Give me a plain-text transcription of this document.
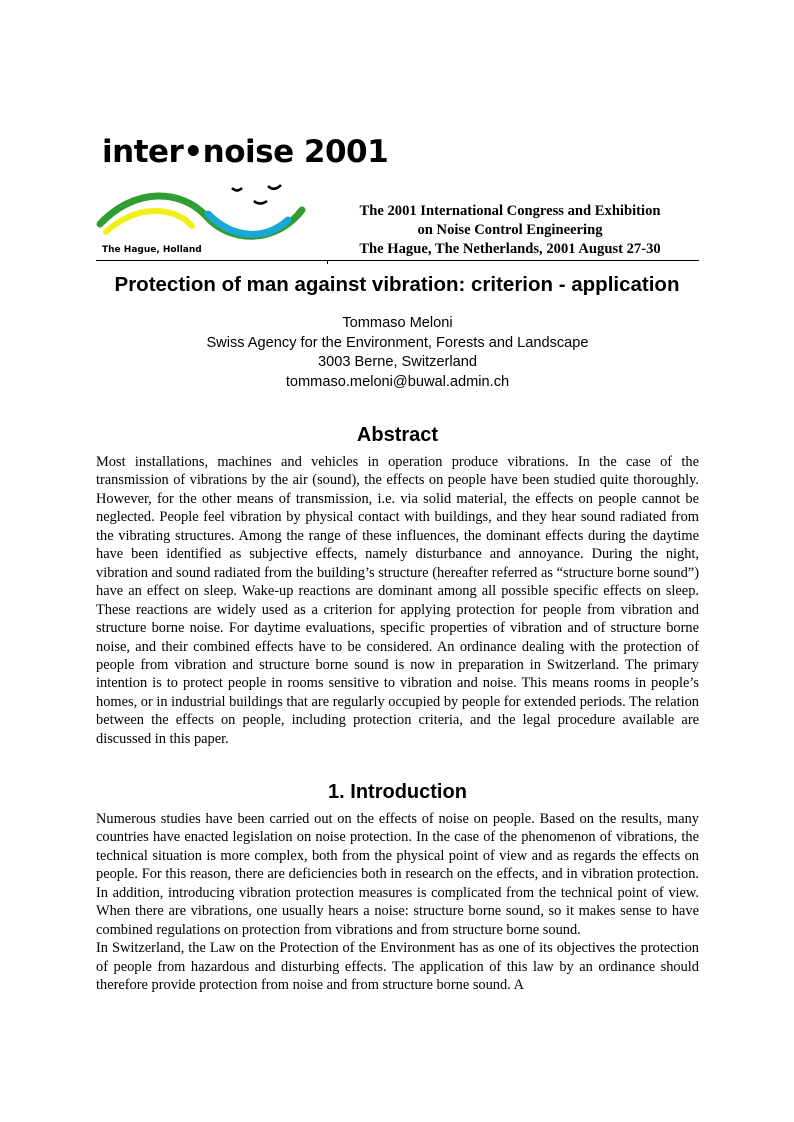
inter•noise 2001
The Hague, Holland
The 2001 International Congress and Exhibition
on Noise Control Engineering
The Hague, The Netherlands, 2001 August 27-30
Protection of man against vibration: criterion - application
Tommaso Meloni
Swiss Agency for the Environment, Forests and Landscape
3003 Berne, Switzerland
tommaso.meloni@buwal.admin.ch
Abstract

Most installations, machines and vehicles in operation produce vibrations. In the case of the transmission of vibrations by the air (sound), the effects on people have been studied quite thoroughly. However, for the other means of transmission, i.e. via solid material, the effects on people cannot be neglected. People feel vibration by physical contact with buildings, and they hear sound radiated from the vibrating structures. Among the range of these influences, the dominant effects during the daytime have been identified as subjective effects, namely disturbance and annoyance. During the night, vibration and sound radiated from the building’s structure (hereafter referred as “structure borne sound”) have an effect on sleep. Wake-up reactions are dominant among all possible specific effects on sleep. These reactions are widely used as a criterion for applying protection for people from vibration and structure borne noise. For daytime evaluations, specific properties of vibration and of structure borne noise, and their combined effects have to be considered. An ordinance dealing with the protection of people from vibration and structure borne sound is now in preparation in Switzerland. The primary intention is to protect people in rooms sensitive to vibration and noise. This means rooms in people’s homes, or in industrial buildings that are regularly occupied by people for extended periods. The relation between the effects on people, including protection criteria, and the legal procedure available are discussed in this paper.

1. Introduction

Numerous studies have been carried out on the effects of noise on people. Based on the results, many countries have enacted legislation on noise protection. In the case of the phenomenon of vibrations, the technical situation is more complex, both from the physical point of view and as regards the effects on people. For this reason, there are deficiencies both in research on the effects, and in vibration protection. In addition, introducing vibration protection measures is complicated from the technical point of view. When there are vibrations, one usually hears a noise: structure borne sound, so it makes sense to have combined regulations on protection from vibrations and from structure borne sound.

In Switzerland, the Law on the Protection of the Environment has as one of its objectives the protection of people from hazardous and disturbing effects. The application of this law by an ordinance should therefore provide protection from noise and from structure borne sound. A
